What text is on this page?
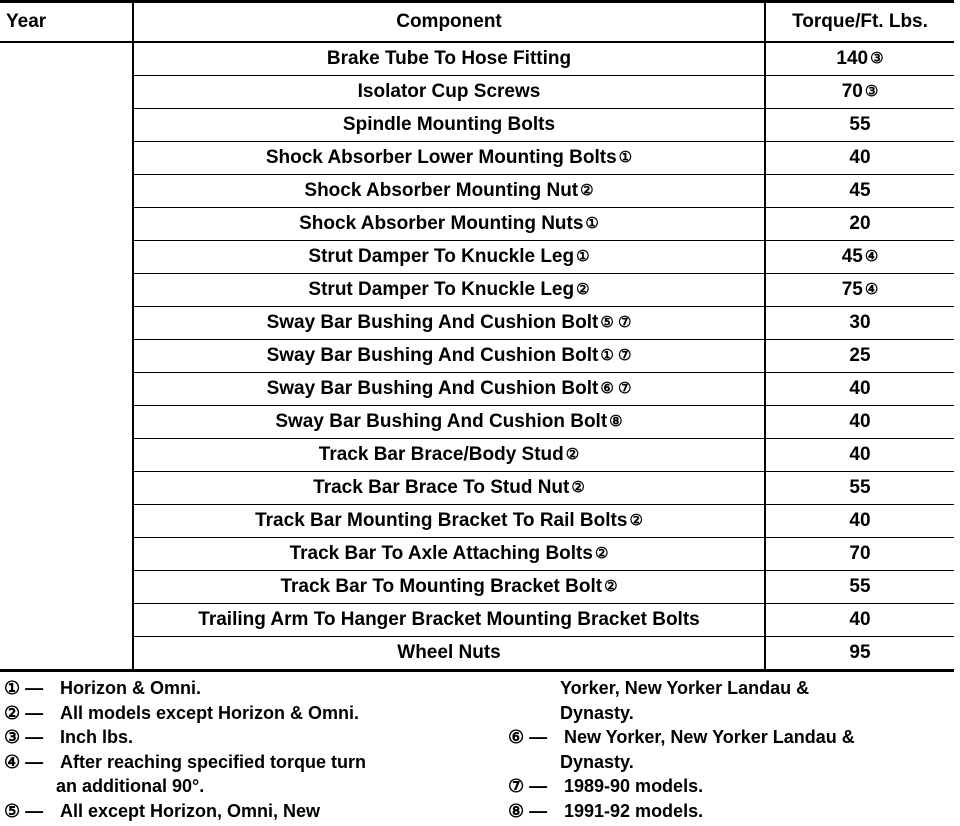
Year	Component	Torque/Ft. Lbs.
	Brake Tube To Hose Fitting	140 ③
	Isolator Cup Screws	70 ③
	Spindle Mounting Bolts	55
	Shock Absorber Lower Mounting Bolts ①	40
	Shock Absorber Mounting Nut ②	45
	Shock Absorber Mounting Nuts ①	20
	Strut Damper To Knuckle Leg ①	45 ④
	Strut Damper To Knuckle Leg ②	75 ④
	Sway Bar Bushing And Cushion Bolt ⑤ ⑦	30
	Sway Bar Bushing And Cushion Bolt ① ⑦	25
	Sway Bar Bushing And Cushion Bolt ⑥ ⑦	40
	Sway Bar Bushing And Cushion Bolt ⑧	40
	Track Bar Brace/Body Stud ②	40
	Track Bar Brace To Stud Nut ②	55
	Track Bar Mounting Bracket To Rail Bolts ②	40
	Track Bar To Axle Attaching Bolts ②	70
	Track Bar To Mounting Bracket Bolt ②	55
	Trailing Arm To Hanger Bracket Mounting Bracket Bolts	40
	Wheel Nuts	95
① — Horizon & Omni.
② — All models except Horizon & Omni.
③ — Inch lbs.
④ — After reaching specified torque turn
an additional 90°.
⑤ — All except Horizon, Omni, New
Yorker, New Yorker Landau &
Dynasty.
⑥ — New Yorker, New Yorker Landau &
Dynasty.
⑦ — 1989-90 models.
⑧ — 1991-92 models.
